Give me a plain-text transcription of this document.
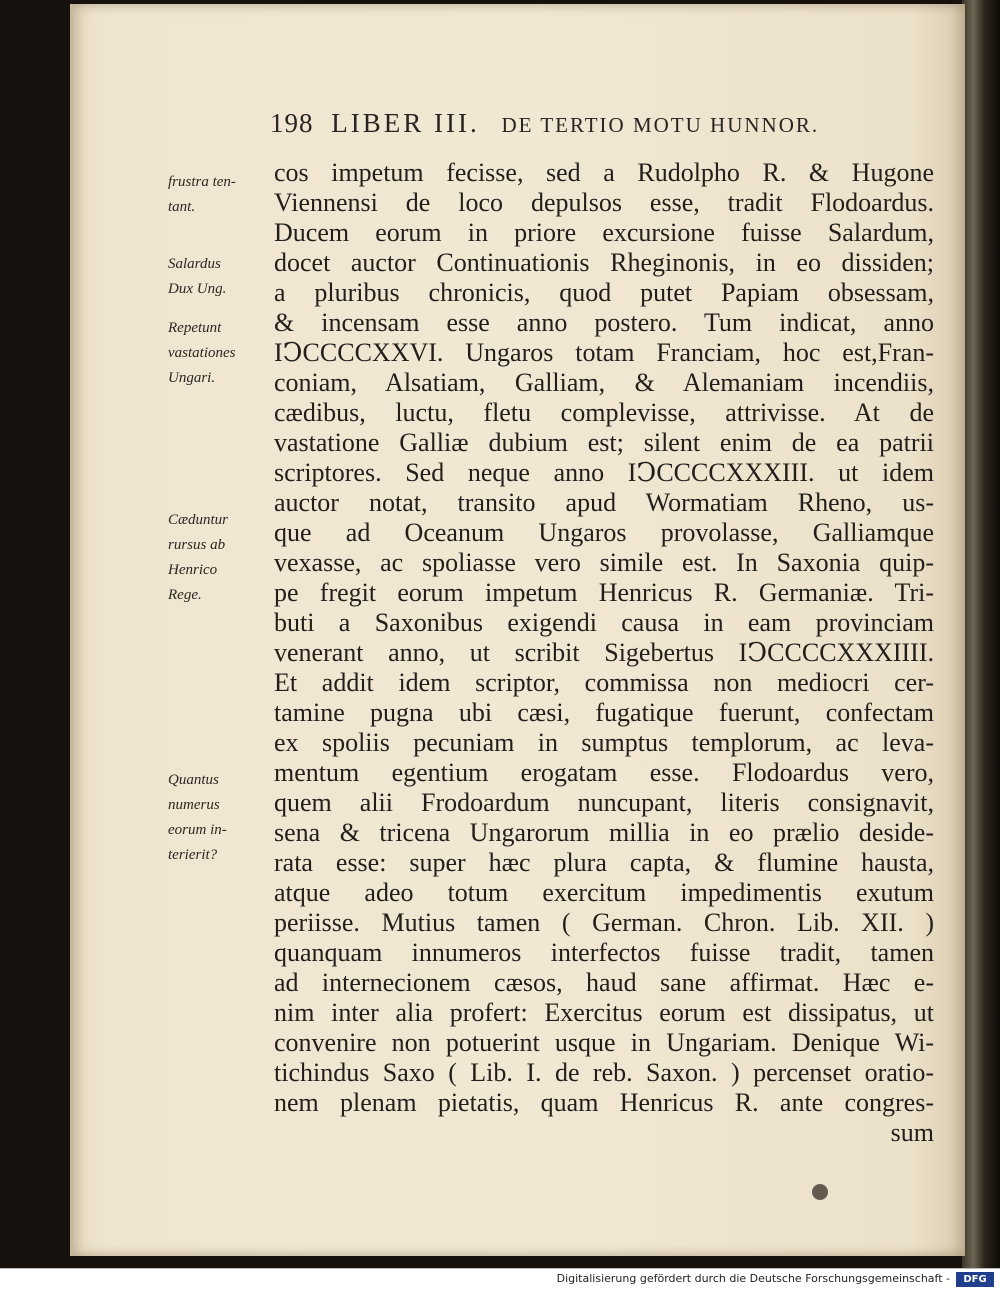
198 LIBER III. DE TERTIO MOTU HUNNOR.
frustra ten-
tant.
Salardus
Dux Ung.
Repetunt
vastationes
Ungari.
Cæduntur
rursus ab
Henrico
Rege.
Quantus
numerus
eorum in-
terierit?
cos impetum fecisse, sed a Rudolpho R. & Hugone
Viennensi de loco depulsos esse, tradit Flodoardus.
Ducem eorum in priore excursione fuisse Salardum,
docet auctor Continuationis Rheginonis, in eo dissiden;
a pluribus chronicis, quod putet Papiam obsessam,
& incensam esse anno postero. Tum indicat, anno
IↃCCCCXXVI. Ungaros totam Franciam, hoc est,Fran-
coniam, Alsatiam, Galliam, & Alemaniam incendiis,
cædibus, luctu, fletu complevisse, attrivisse. At de
vastatione Galliæ dubium est; silent enim de ea patrii
scriptores. Sed neque anno IↃCCCCXXXIII. ut idem
auctor notat, transito apud Wormatiam Rheno, us-
que ad Oceanum Ungaros provolasse, Galliamque
vexasse, ac spoliasse vero simile est. In Saxonia quip-
pe fregit eorum impetum Henricus R. Germaniæ. Tri-
buti a Saxonibus exigendi causa in eam provinciam
venerant anno, ut scribit Sigebertus IↃCCCCXXXIIII.
Et addit idem scriptor, commissa non mediocri cer-
tamine pugna ubi cæsi, fugatique fuerunt, confectam
ex spoliis pecuniam in sumptus templorum, ac leva-
mentum egentium erogatam esse. Flodoardus vero,
quem alii Frodoardum nuncupant, literis consignavit,
sena & tricena Ungarorum millia in eo prælio deside-
rata esse: super hæc plura capta, & flumine hausta,
atque adeo totum exercitum impedimentis exutum
periisse. Mutius tamen ( German. Chron. Lib. XII. )
quanquam innumeros interfectos fuisse tradit, tamen
ad internecionem cæsos, haud sane affirmat. Hæc e-
nim inter alia profert: Exercitus eorum est dissipatus, ut
convenire non potuerint usque in Ungariam. Denique Wi-
tichindus Saxo ( Lib. I. de reb. Saxon. ) percenset oratio-
nem plenam pietatis, quam Henricus R. ante congres-
sum
Digitalisierung gefördert durch die Deutsche Forschungsgemeinschaft -	DFG
